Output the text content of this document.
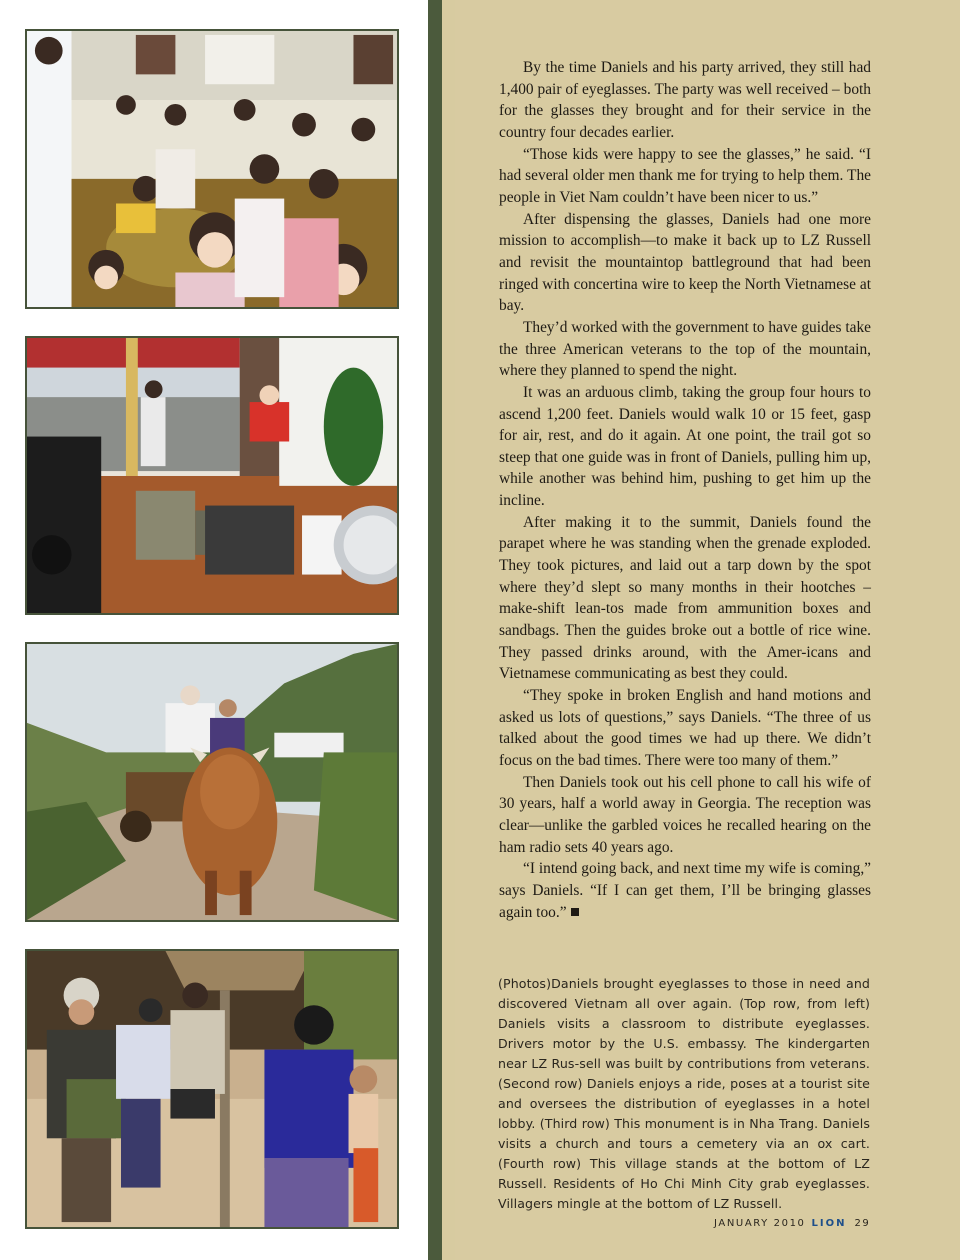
By the time Daniels and his party arrived, they still had 1,400 pair of eyeglasses. The party was well received – both for the glasses they brought and for their service in the country four decades earlier.

“Those kids were happy to see the glasses,” he said. “I had several older men thank me for trying to help them. The people in Viet Nam couldn’t have been nicer to us.”

After dispensing the glasses, Daniels had one more mission to accomplish—to make it back up to LZ Russell and revisit the mountaintop battleground that had been ringed with concertina wire to keep the North Vietnamese at bay.

They’d worked with the government to have guides take the three American veterans to the top of the mountain, where they planned to spend the night.

It was an arduous climb, taking the group four hours to ascend 1,200 feet. Daniels would walk 10 or 15 feet, gasp for air, rest, and do it again. At one point, the trail got so steep that one guide was in front of Daniels, pulling him up, while another was behind him, pushing to get him up the incline.

After making it to the summit, Daniels found the parapet where he was standing when the grenade exploded. They took pictures, and laid out a tarp down by the spot where they’d slept so many months in their hootches – make-shift lean-tos made from ammunition boxes and sandbags. Then the guides broke out a bottle of rice wine. They passed drinks around, with the Amer-icans and Vietnamese communicating as best they could.

“They spoke in broken English and hand motions and asked us lots of questions,” says Daniels. “The three of us talked about the good times we had up there. We didn’t focus on the bad times. There were too many of them.”

Then Daniels took out his cell phone to call his wife of 30 years, half a world away in Georgia. The reception was clear—unlike the garbled voices he recalled hearing on the ham radio sets 40 years ago.

“I intend going back, and next time my wife is coming,” says Daniels. “If I can get them, I’ll be bringing glasses again too.”

(Photos)Daniels brought eyeglasses to those in need and discovered Vietnam all over again. (Top row, from left) Daniels visits a classroom to distribute eyeglasses. Drivers motor by the U.S. embassy. The kindergarten near LZ Rus-sell was built by contributions from veterans. (Second row) Daniels enjoys a ride, poses at a tourist site and oversees the distribution of eyeglasses in a hotel lobby. (Third row) This monument is in Nha Trang. Daniels visits a church and tours a cemetery via an ox cart. (Fourth row) This village stands at the bottom of LZ Russell. Residents of Ho Chi Minh City grab eyeglasses. Villagers mingle at the bottom of LZ Russell.
JANUARY 2010 LION 29
